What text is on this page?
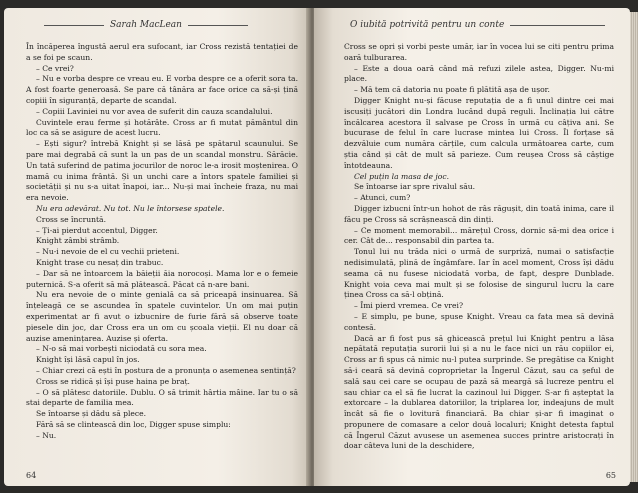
Sarah MacLean

În încăperea îngustă aerul era sufocant, iar Cross rezistă tentației de a se foi pe scaun.

– Ce vrei?

– Nu e vorba despre ce vreau eu. E vorba despre ce a oferit sora ta. A fost foarte generoasă. Se pare că tânăra ar face orice ca să-și țină copiii în siguranță, departe de scandal.

– Copiii Laviniei nu vor avea de suferit din cauza scandalului.

Cuvintele erau ferme și hotărâte. Cross ar fi mutat pământul din loc ca să se asigure de acest lucru.

– Ești sigur? întrebă Knight și se lăsă pe spătarul scaunului. Se pare mai degrabă că sunt la un pas de un scandal monstru. Sărăcie. Un tată suferind de patima jocurilor de noroc le-a irosit moștenirea. O mamă cu inima frântă. Și un unchi care a întors spatele familiei și societății și nu s-a uitat înapoi, iar... Nu-și mai încheie fraza, nu mai era nevoie.

Nu era adevărat. Nu tot. Nu le întorsese spatele.

Cross se încruntă.

– Ți-ai pierdut accentul, Digger.

Knight zâmbi strâmb.

– Nu-i nevoie de el cu vechii prieteni.

Knight trase cu nesaț din trabuc.

– Dar să ne întoarcem la băieții ăia norocoși. Mama lor e o femeie puternică. S-a oferit să mă plătească. Păcat că n-are bani.

Nu era nevoie de o minte genială ca să priceapă insinuarea. Să înțeleagă ce se ascundea în spatele cuvintelor. Un om mai puțin experimentat ar fi avut o izbucnire de furie fără să observe toate piesele din joc, dar Cross era un om cu școala vieții. El nu doar că auzise amenințarea. Auzise și oferta.

– N-o să mai vorbești niciodată cu sora mea.

Knight își lăsă capul în jos.

– Chiar crezi că ești în postura de a pronunța o asemenea sentință?

Cross se ridică și își puse haina pe braț.

– O să plătesc datoriile. Dublu. O să trimit hârtia mâine. Iar tu o să stai departe de familia mea.

Se întoarse și dădu să plece.

Fără să se clintească din loc, Digger spuse simplu:

– Nu.

64
O iubită potrivită pentru un conte

Cross se opri și vorbi peste umăr, iar în vocea lui se citi pentru prima oară tulburarea.

– Este a doua oară când mă refuzi zilele astea, Digger. Nu-mi place.

– Mă tem că datoria nu poate fi plătită așa de ușor.

Digger Knight nu-și făcuse reputația de a fi unul dintre cei mai iscusiți jucători din Londra lucând după reguli. Înclinația lui către încălcarea acestora îl salvase pe Cross în urmă cu câțiva ani. Se bucurase de felul în care lucrase mintea lui Cross. Îl forțase să dezvăluie cum număra cărțile, cum calcula următoarea carte, cum știa când și cât de mult să parieze. Cum reușea Cross să câștige întotdeauna.

Cel puțin la masa de joc.

Se întoarse iar spre rivalul său.

– Atunci, cum?

Digger izbucni într-un hohot de râs răgușit, din toată inima, care il făcu pe Cross să scrâșnească din dinți.

– Ce moment memorabil... mărețul Cross, dornic să-mi dea orice i cer. Cât de... responsabil din partea ta.

Tonul lui nu trăda nici o urmă de surpriză, numai o satisfacție nedisimulată, plină de îngâmfare. Iar în acel moment, Cross își dădu seama că nu fusese niciodată vorba, de fapt, despre Dunblade. Knight voia ceva mai mult și se folosise de singurul lucru la care ținea Cross ca să-l obțină.

– Îmi pierd vremea. Ce vrei?

– E simplu, pe bune, spuse Knight. Vreau ca fata mea să devină contesă.

Dacă ar fi fost pus să ghicească prețul lui Knight pentru a lăsa nepătată reputația surorii lui și a nu le face nici un rău copiilor ei, Cross ar fi spus că nimic nu-l putea surprinde. Se pregătise ca Knight să-i ceară să devină coproprietar la Îngerul Căzut, sau ca șeful de sală sau cei care se ocupau de pază să meargă să lucreze pentru el sau chiar ca el să fie lucrat la cazinoul lui Digger. S-ar fi așteptat la extorcare – la dublarea datoriilor, la triplarea lor, indeajuns de mult încât să fie o lovitură financiară. Ba chiar și-ar fi imaginat o propunere de comasare a celor două localuri; Knight detesta faptul că Îngerul Căzut avusese un asemenea succes printre aristocrați în doar câteva luni de la deschidere,

65
